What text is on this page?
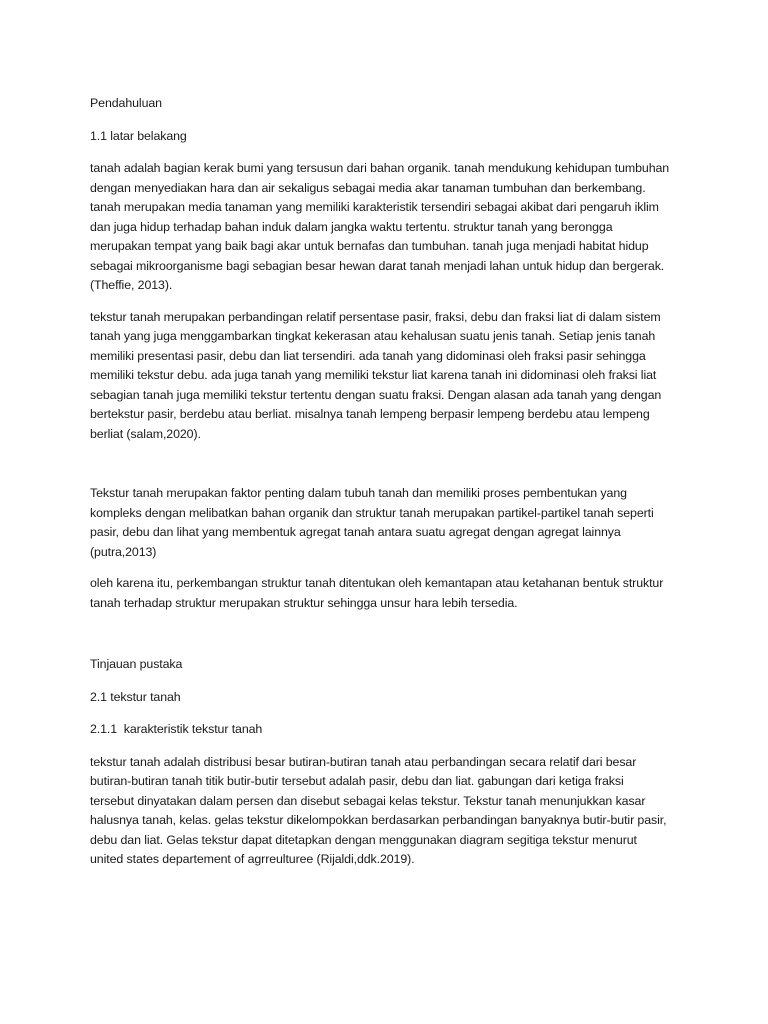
Pendahuluan

1.1 latar belakang

tanah adalah bagian kerak bumi yang tersusun dari bahan organik. tanah mendukung kehidupan tumbuhan dengan menyediakan hara dan air sekaligus sebagai media akar tanaman tumbuhan dan berkembang. tanah merupakan media tanaman yang memiliki karakteristik tersendiri sebagai akibat dari pengaruh iklim dan juga hidup terhadap bahan induk dalam jangka waktu tertentu. struktur tanah yang berongga merupakan tempat yang baik bagi akar untuk bernafas dan tumbuhan. tanah juga menjadi habitat hidup sebagai mikroorganisme bagi sebagian besar hewan darat tanah menjadi lahan untuk hidup dan bergerak.(Theffie, 2013).

tekstur tanah merupakan perbandingan relatif persentase pasir, fraksi, debu dan fraksi liat di dalam sistem tanah yang juga menggambarkan tingkat kekerasan atau kehalusan suatu jenis tanah. Setiap jenis tanah memiliki presentasi pasir, debu dan liat tersendiri. ada tanah yang didominasi oleh fraksi pasir sehingga memiliki tekstur debu. ada juga tanah yang memiliki tekstur liat karena tanah ini didominasi oleh fraksi liat sebagian tanah juga memiliki tekstur tertentu dengan suatu fraksi. Dengan alasan ada tanah yang dengan bertekstur pasir, berdebu atau berliat. misalnya tanah lempeng berpasir lempeng berdebu atau lempeng berliat (salam,2020).

Tekstur tanah merupakan faktor penting dalam tubuh tanah dan memiliki proses pembentukan yang kompleks dengan melibatkan bahan organik dan struktur tanah merupakan partikel-partikel tanah seperti pasir, debu dan lihat yang membentuk agregat tanah antara suatu agregat dengan agregat lainnya (putra,2013)

oleh karena itu, perkembangan struktur tanah ditentukan oleh kemantapan atau ketahanan bentuk struktur tanah terhadap struktur merupakan struktur sehingga unsur hara lebih tersedia.

Tinjauan pustaka

2.1 tekstur tanah

2.1.1  karakteristik tekstur tanah

tekstur tanah adalah distribusi besar butiran-butiran tanah atau perbandingan secara relatif dari besar butiran-butiran tanah titik butir-butir tersebut adalah pasir, debu dan liat. gabungan dari ketiga fraksi tersebut dinyatakan dalam persen dan disebut sebagai kelas tekstur. Tekstur tanah menunjukkan kasar halusnya tanah, kelas. gelas tekstur dikelompokkan berdasarkan perbandingan banyaknya butir-butir pasir, debu dan liat. Gelas tekstur dapat ditetapkan dengan menggunakan diagram segitiga tekstur menurut united states departement of agrreulturee (Rijaldi,ddk.2019).
